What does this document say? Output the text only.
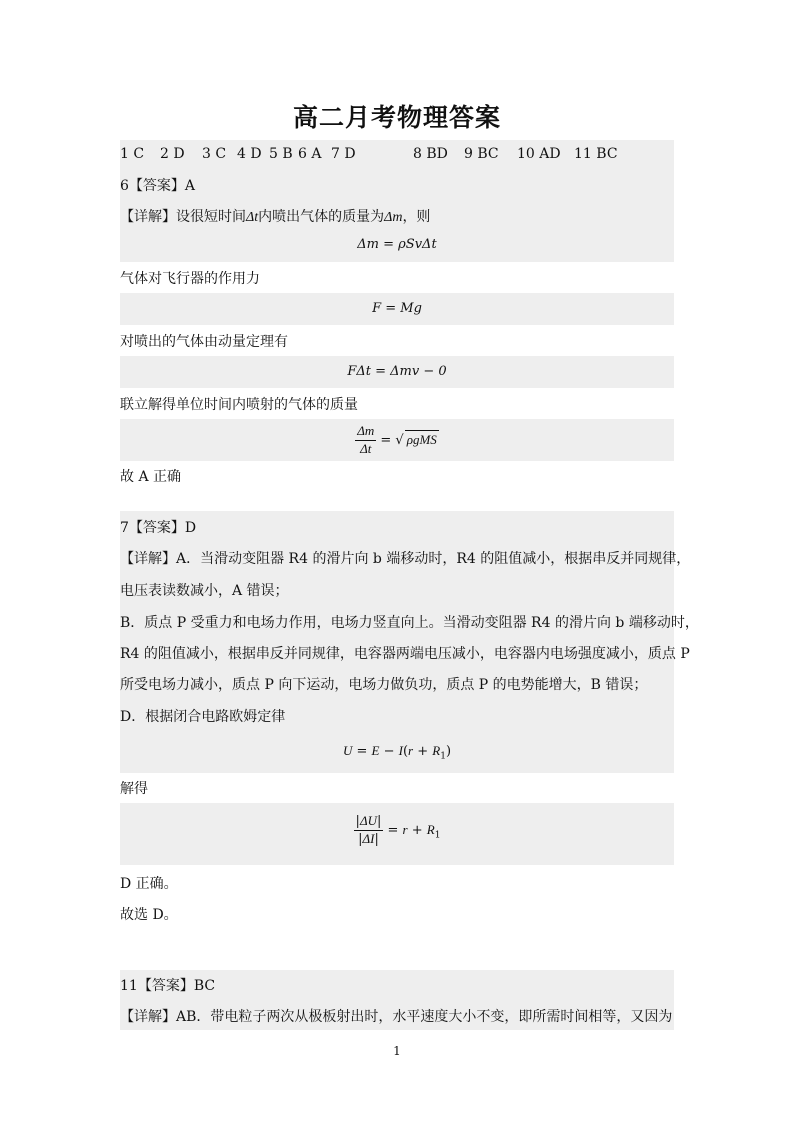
高二月考物理答案
1 C 2 D 3 C 4 D 5 B 6 A 7 D	8 BD 9 BC 10 AD 11 BC
6【答案】A
【详解】设很短时间Δt内喷出气体的质量为Δm，则
Δm = ρSvΔt
气体对飞行器的作用力
F = Mg
对喷出的气体由动量定理有
FΔt = Δmv − 0
联立解得单位时间内喷射的气体的质量
$\frac{\Delta m}{\Delta t}$ = √ ρgMS
故 A 正确
7【答案】D
【详解】A．当滑动变阻器 R4 的滑片向 b 端移动时，R4 的阻值减小，根据串反并同规律，
电压表读数减小，A 错误；
B．质点 P 受重力和电场力作用，电场力竖直向上。当滑动变阻器 R4 的滑片向 b 端移动时，
R4 的阻值减小，根据串反并同规律，电容器两端电压减小，电容器内电场强度减小，质点 P
所受电场力减小，质点 P 向下运动，电场力做负功，质点 P 的电势能增大，B 错误；
D．根据闭合电路欧姆定律
$U = E - I(r + R_1)$
解得
$\frac{|\Delta U|}{|\Delta I|} = r + R_1$
D 正确。
故选 D。
11【答案】BC
【详解】AB．带电粒子两次从极板射出时，水平速度大小不变，即所需时间相等，又因为
1
